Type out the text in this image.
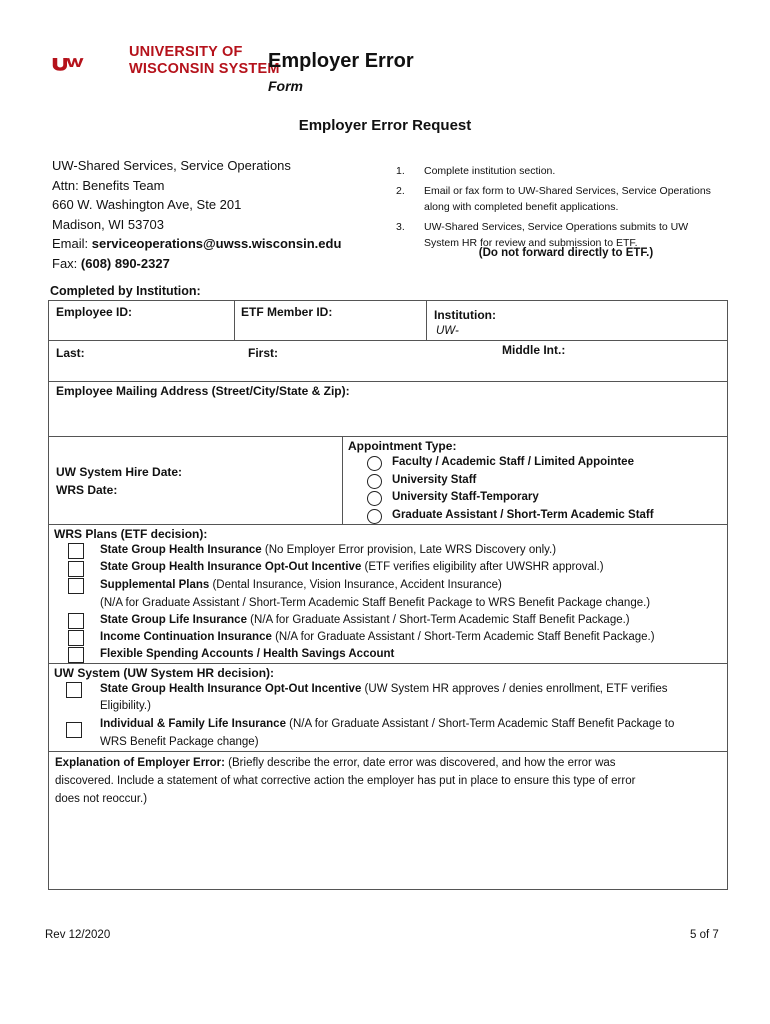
UNIVERSITY OF
WISCONSIN SYSTEM
Employer Error
Form
Employer Error Request
UW-Shared Services, Service Operations
Attn: Benefits Team
660 W. Washington Ave, Ste 201
Madison, WI 53703
Email: serviceoperations@uwss.wisconsin.edu
Fax: (608) 890-2327
1. Complete institution section.
2. Email or fax form to UW-Shared Services, Service Operations along with completed benefit applications.
3. UW-Shared Services, Service Operations submits to UW System HR for review and submission to ETF.
(Do not forward directly to ETF.)
Completed by Institution:
Employee ID:	ETF Member ID:	Institution:
UW-
Last:	First:	Middle Int.:
Employee Mailing Address (Street/City/State & Zip):
UW System Hire Date:
WRS Date:
Appointment Type:
Faculty / Academic Staff / Limited Appointee
University Staff
University Staff-Temporary
Graduate Assistant / Short-Term Academic Staff
WRS Plans (ETF decision):
State Group Health Insurance (No Employer Error provision, Late WRS Discovery only.)
State Group Health Insurance Opt-Out Incentive (ETF verifies eligibility after UWSHR approval.)
Supplemental Plans (Dental Insurance, Vision Insurance, Accident Insurance)
(N/A for Graduate Assistant / Short-Term Academic Staff Benefit Package to WRS Benefit Package change.)
State Group Life Insurance (N/A for Graduate Assistant / Short-Term Academic Staff Benefit Package.)
Income Continuation Insurance (N/A for Graduate Assistant / Short-Term Academic Staff Benefit Package.)
Flexible Spending Accounts / Health Savings Account
UW System (UW System HR decision):
State Group Health Insurance Opt-Out Incentive (UW System HR approves / denies enrollment, ETF verifies
Eligibility.)
Individual & Family Life Insurance (N/A for Graduate Assistant / Short-Term Academic Staff Benefit Package to
WRS Benefit Package change)
Explanation of Employer Error: (Briefly describe the error, date error was discovered, and how the error was
discovered. Include a statement of what corrective action the employer has put in place to ensure this type of error
does not reoccur.)
Rev 12/2020	5 of 7
